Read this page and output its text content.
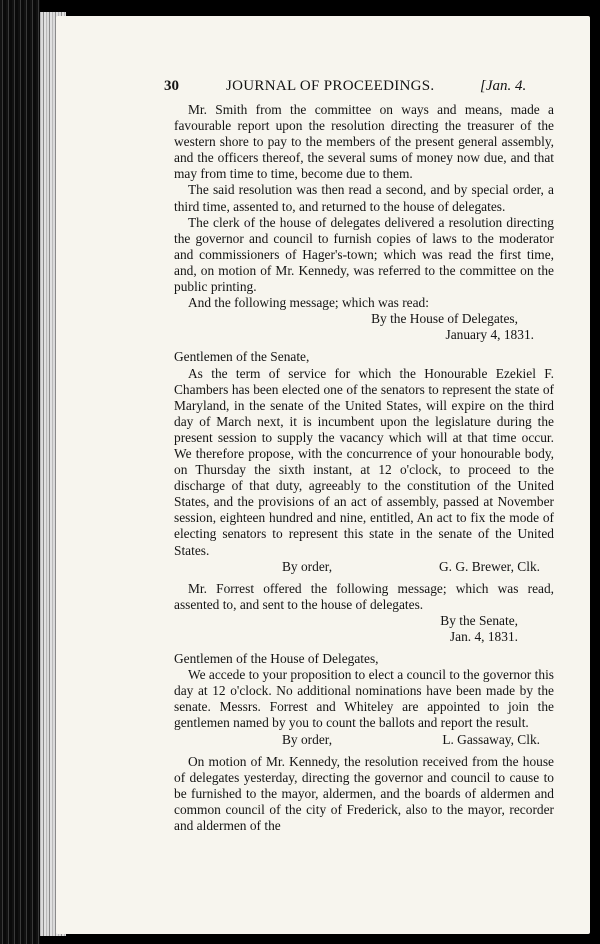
30	JOURNAL OF PROCEEDINGS.	[Jan. 4.

Mr. Smith from the committee on ways and means, made a favourable report upon the resolution directing the treasurer of the western shore to pay to the members of the present general assembly, and the officers thereof, the several sums of money now due, and that may from time to time, become due to them.

The said resolution was then read a second, and by special order, a third time, assented to, and returned to the house of delegates.

The clerk of the house of delegates delivered a resolution directing the governor and council to furnish copies of laws to the moderator and commissioners of Hager's-town; which was read the first time, and, on motion of Mr. Kennedy, was referred to the committee on the public printing.

And the following message; which was read:

By the House of Delegates,

January 4, 1831.

Gentlemen of the Senate,

As the term of service for which the Honourable Ezekiel F. Chambers has been elected one of the senators to represent the state of Maryland, in the senate of the United States, will expire on the third day of March next, it is incumbent upon the legislature during the present session to supply the vacancy which will at that time occur. We therefore propose, with the concurrence of your honourable body, on Thursday the sixth instant, at 12 o'clock, to proceed to the discharge of that duty, agreeably to the constitution of the United States, and the provisions of an act of assembly, passed at November session, eighteen hundred and nine, entitled, An act to fix the mode of electing senators to represent this state in the senate of the United States.

By order,	G. G. Brewer, Clk.

Mr. Forrest offered the following message; which was read, assented to, and sent to the house of delegates.

By the Senate,

Jan. 4, 1831.

Gentlemen of the House of Delegates,

We accede to your proposition to elect a council to the governor this day at 12 o'clock. No additional nominations have been made by the senate. Messrs. Forrest and Whiteley are appointed to join the gentlemen named by you to count the ballots and report the result.

By order,	L. Gassaway, Clk.

On motion of Mr. Kennedy, the resolution received from the house of delegates yesterday, directing the governor and council to cause to be furnished to the mayor, aldermen, and the boards of aldermen and common council of the city of Frederick, also to the mayor, recorder and aldermen of the
